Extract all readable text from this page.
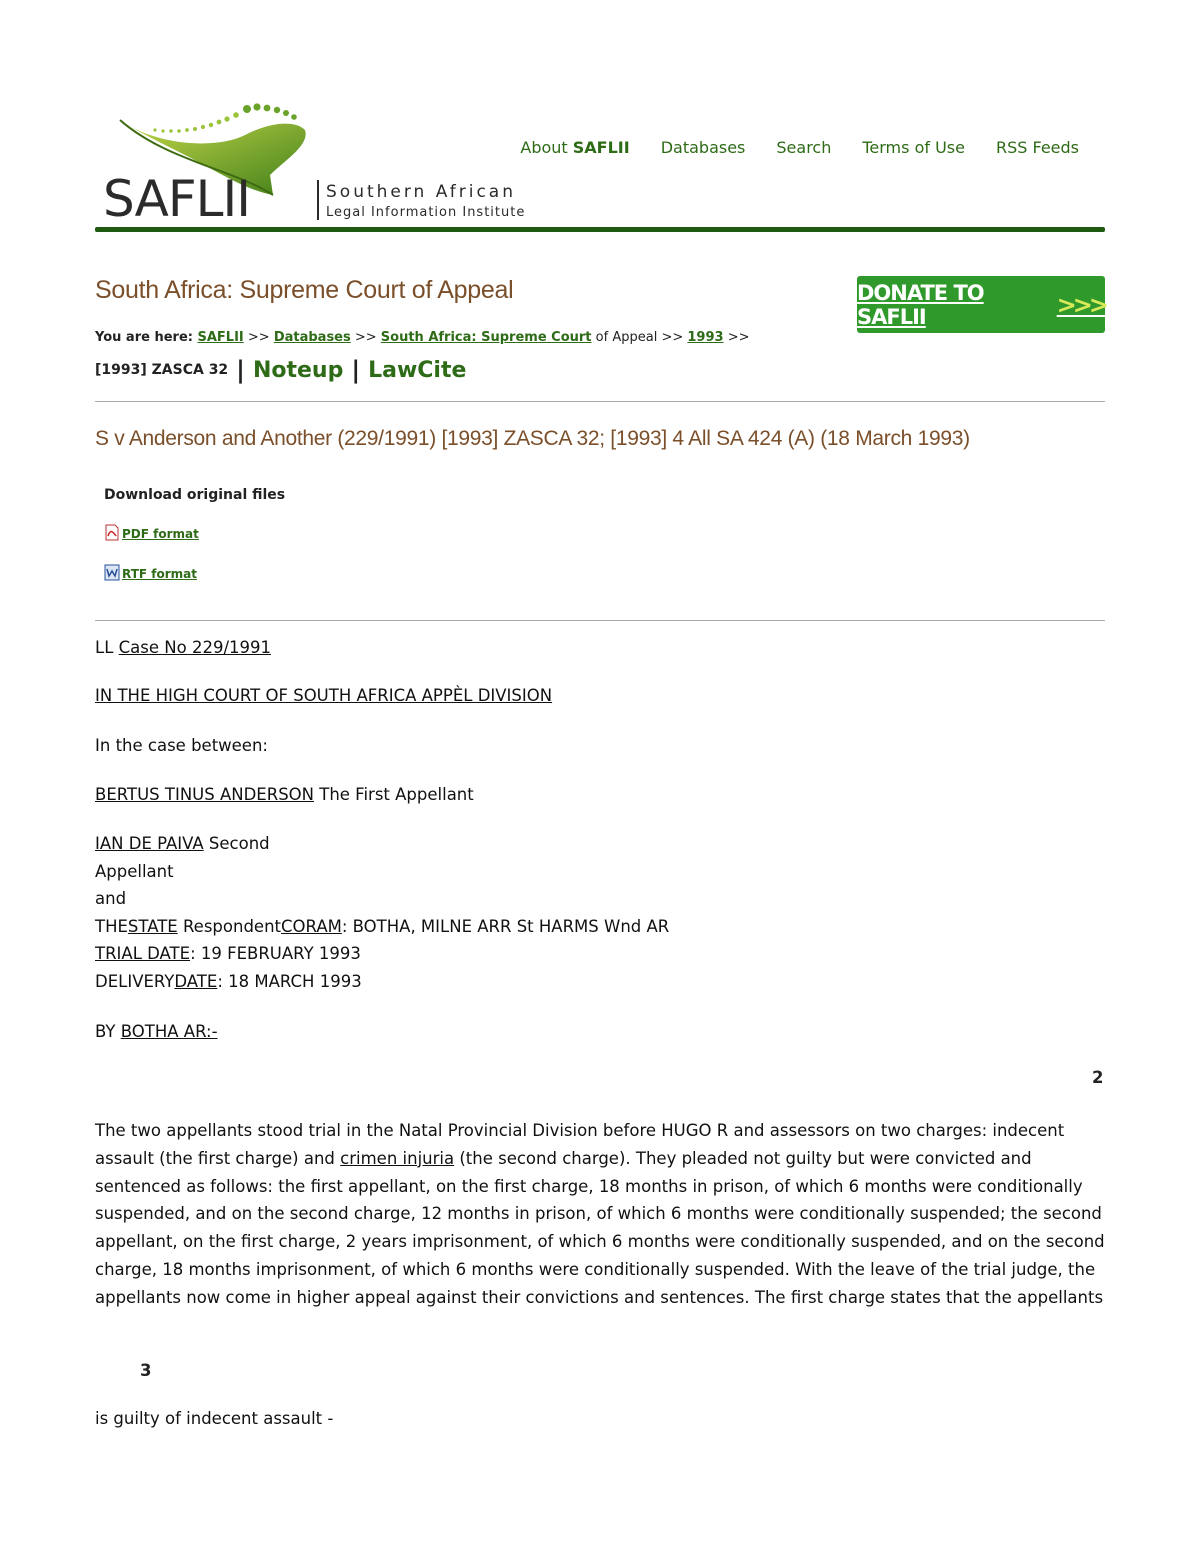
SAFLII	Southern African
Legal Information Institute
About SAFLII Databases Search Terms of Use RSS Feeds
South Africa: Supreme Court of Appeal	DONATE TO SAFLII	>>>
You are here: SAFLII >> Databases >> South Africa: Supreme Court of Appeal >> 1993 >>
[1993] ZASCA 32 | Noteup | LawCite
S v Anderson and Another (229/1991) [1993] ZASCA 32; [1993] 4 All SA 424 (A) (18 March 1993)
Download original files
PDF format
RTF format
LL Case No 229/1991
IN THE HIGH COURT OF SOUTH AFRICA APPÈL DIVISION
In the case between:
BERTUS TINUS ANDERSON The First Appellant
IAN DE PAIVA Second
Appellant
and
THESTATE RespondentCORAM: BOTHA, MILNE ARR St HARMS Wnd AR
TRIAL DATE: 19 FEBRUARY 1993
DELIVERYDATE: 18 MARCH 1993
BY BOTHA AR:-
2
The two appellants stood trial in the Natal Provincial Division before HUGO R and assessors on two charges: indecent assault (the first charge) and crimen injuria (the second charge). They pleaded not guilty but were convicted and sentenced as follows: the first appellant, on the first charge, 18 months in prison, of which 6 months were conditionally suspended, and on the second charge, 12 months in prison, of which 6 months were conditionally suspended; the second appellant, on the first charge, 2 years imprisonment, of which 6 months were conditionally suspended, and on the second charge, 18 months imprisonment, of which 6 months were conditionally suspended. With the leave of the trial judge, the appellants now come in higher appeal against their convictions and sentences. The first charge states that the appellants
3
is guilty of indecent assault -
